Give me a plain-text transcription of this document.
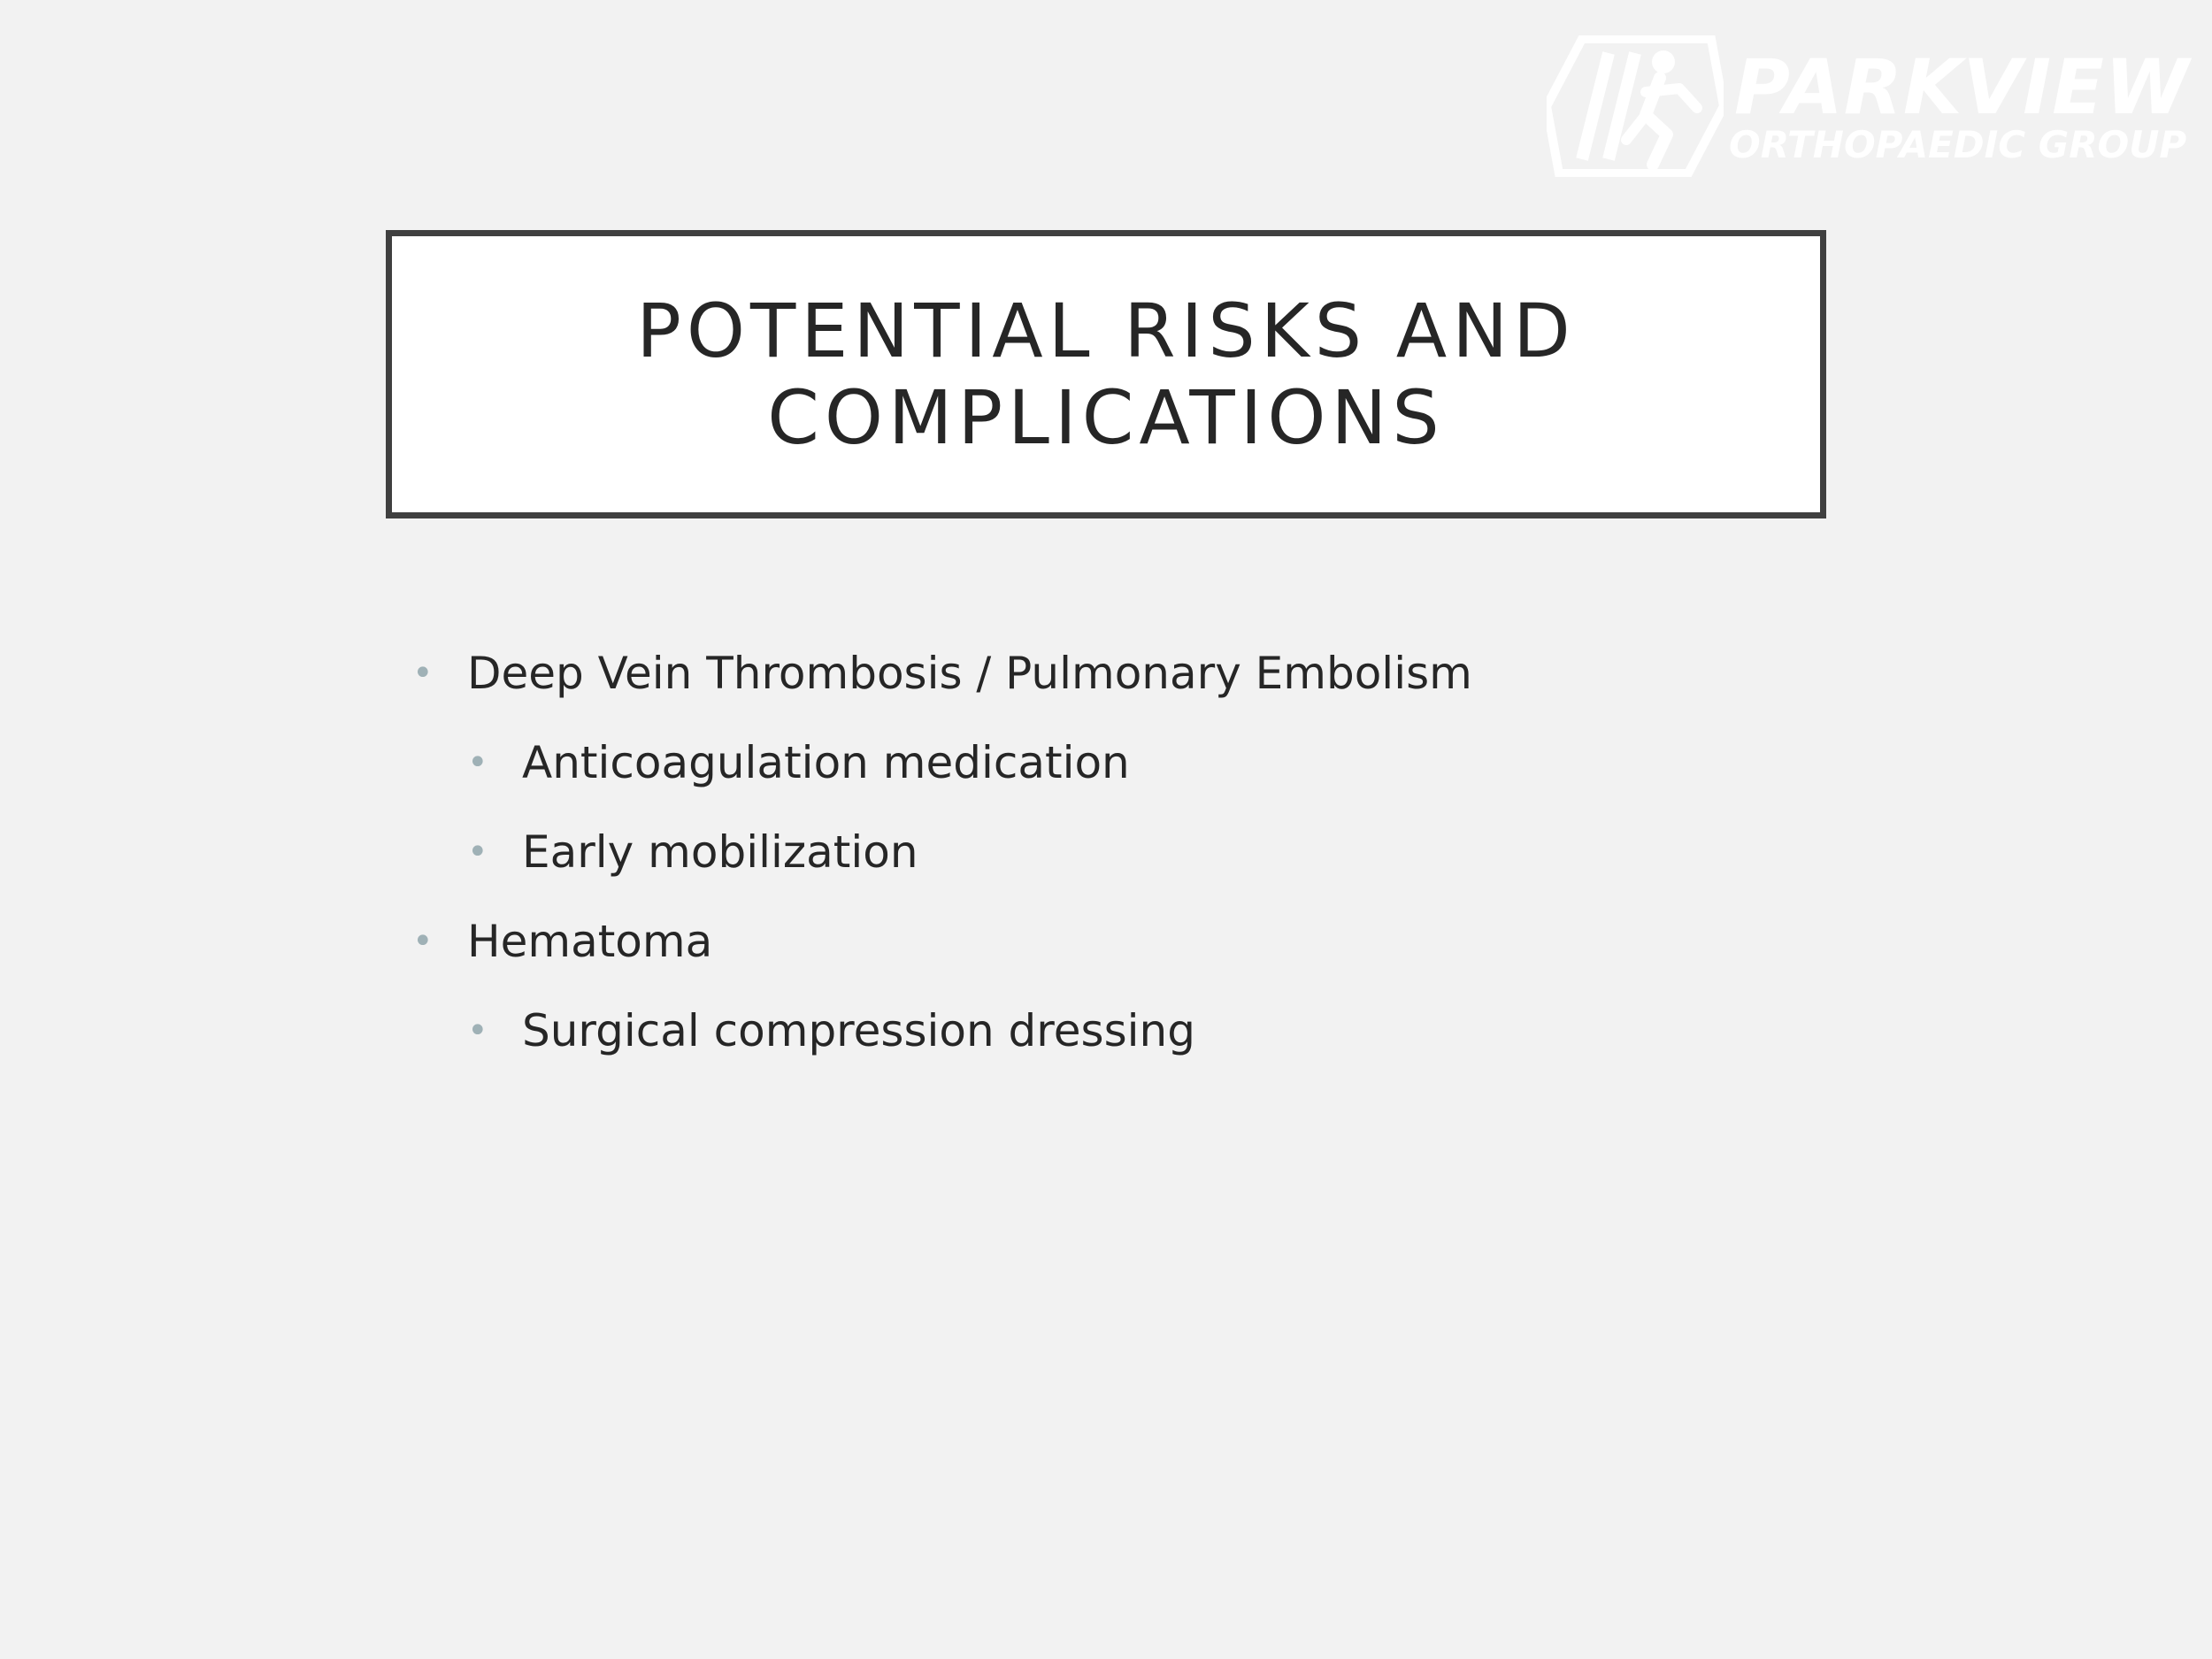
PARKVIEW
ORTHOPAEDIC GROUP
POTENTIAL RISKS AND COMPLICATIONS
• Deep Vein Thrombosis / Pulmonary Embolism
• Anticoagulation medication
• Early mobilization
• Hematoma
• Surgical compression dressing
